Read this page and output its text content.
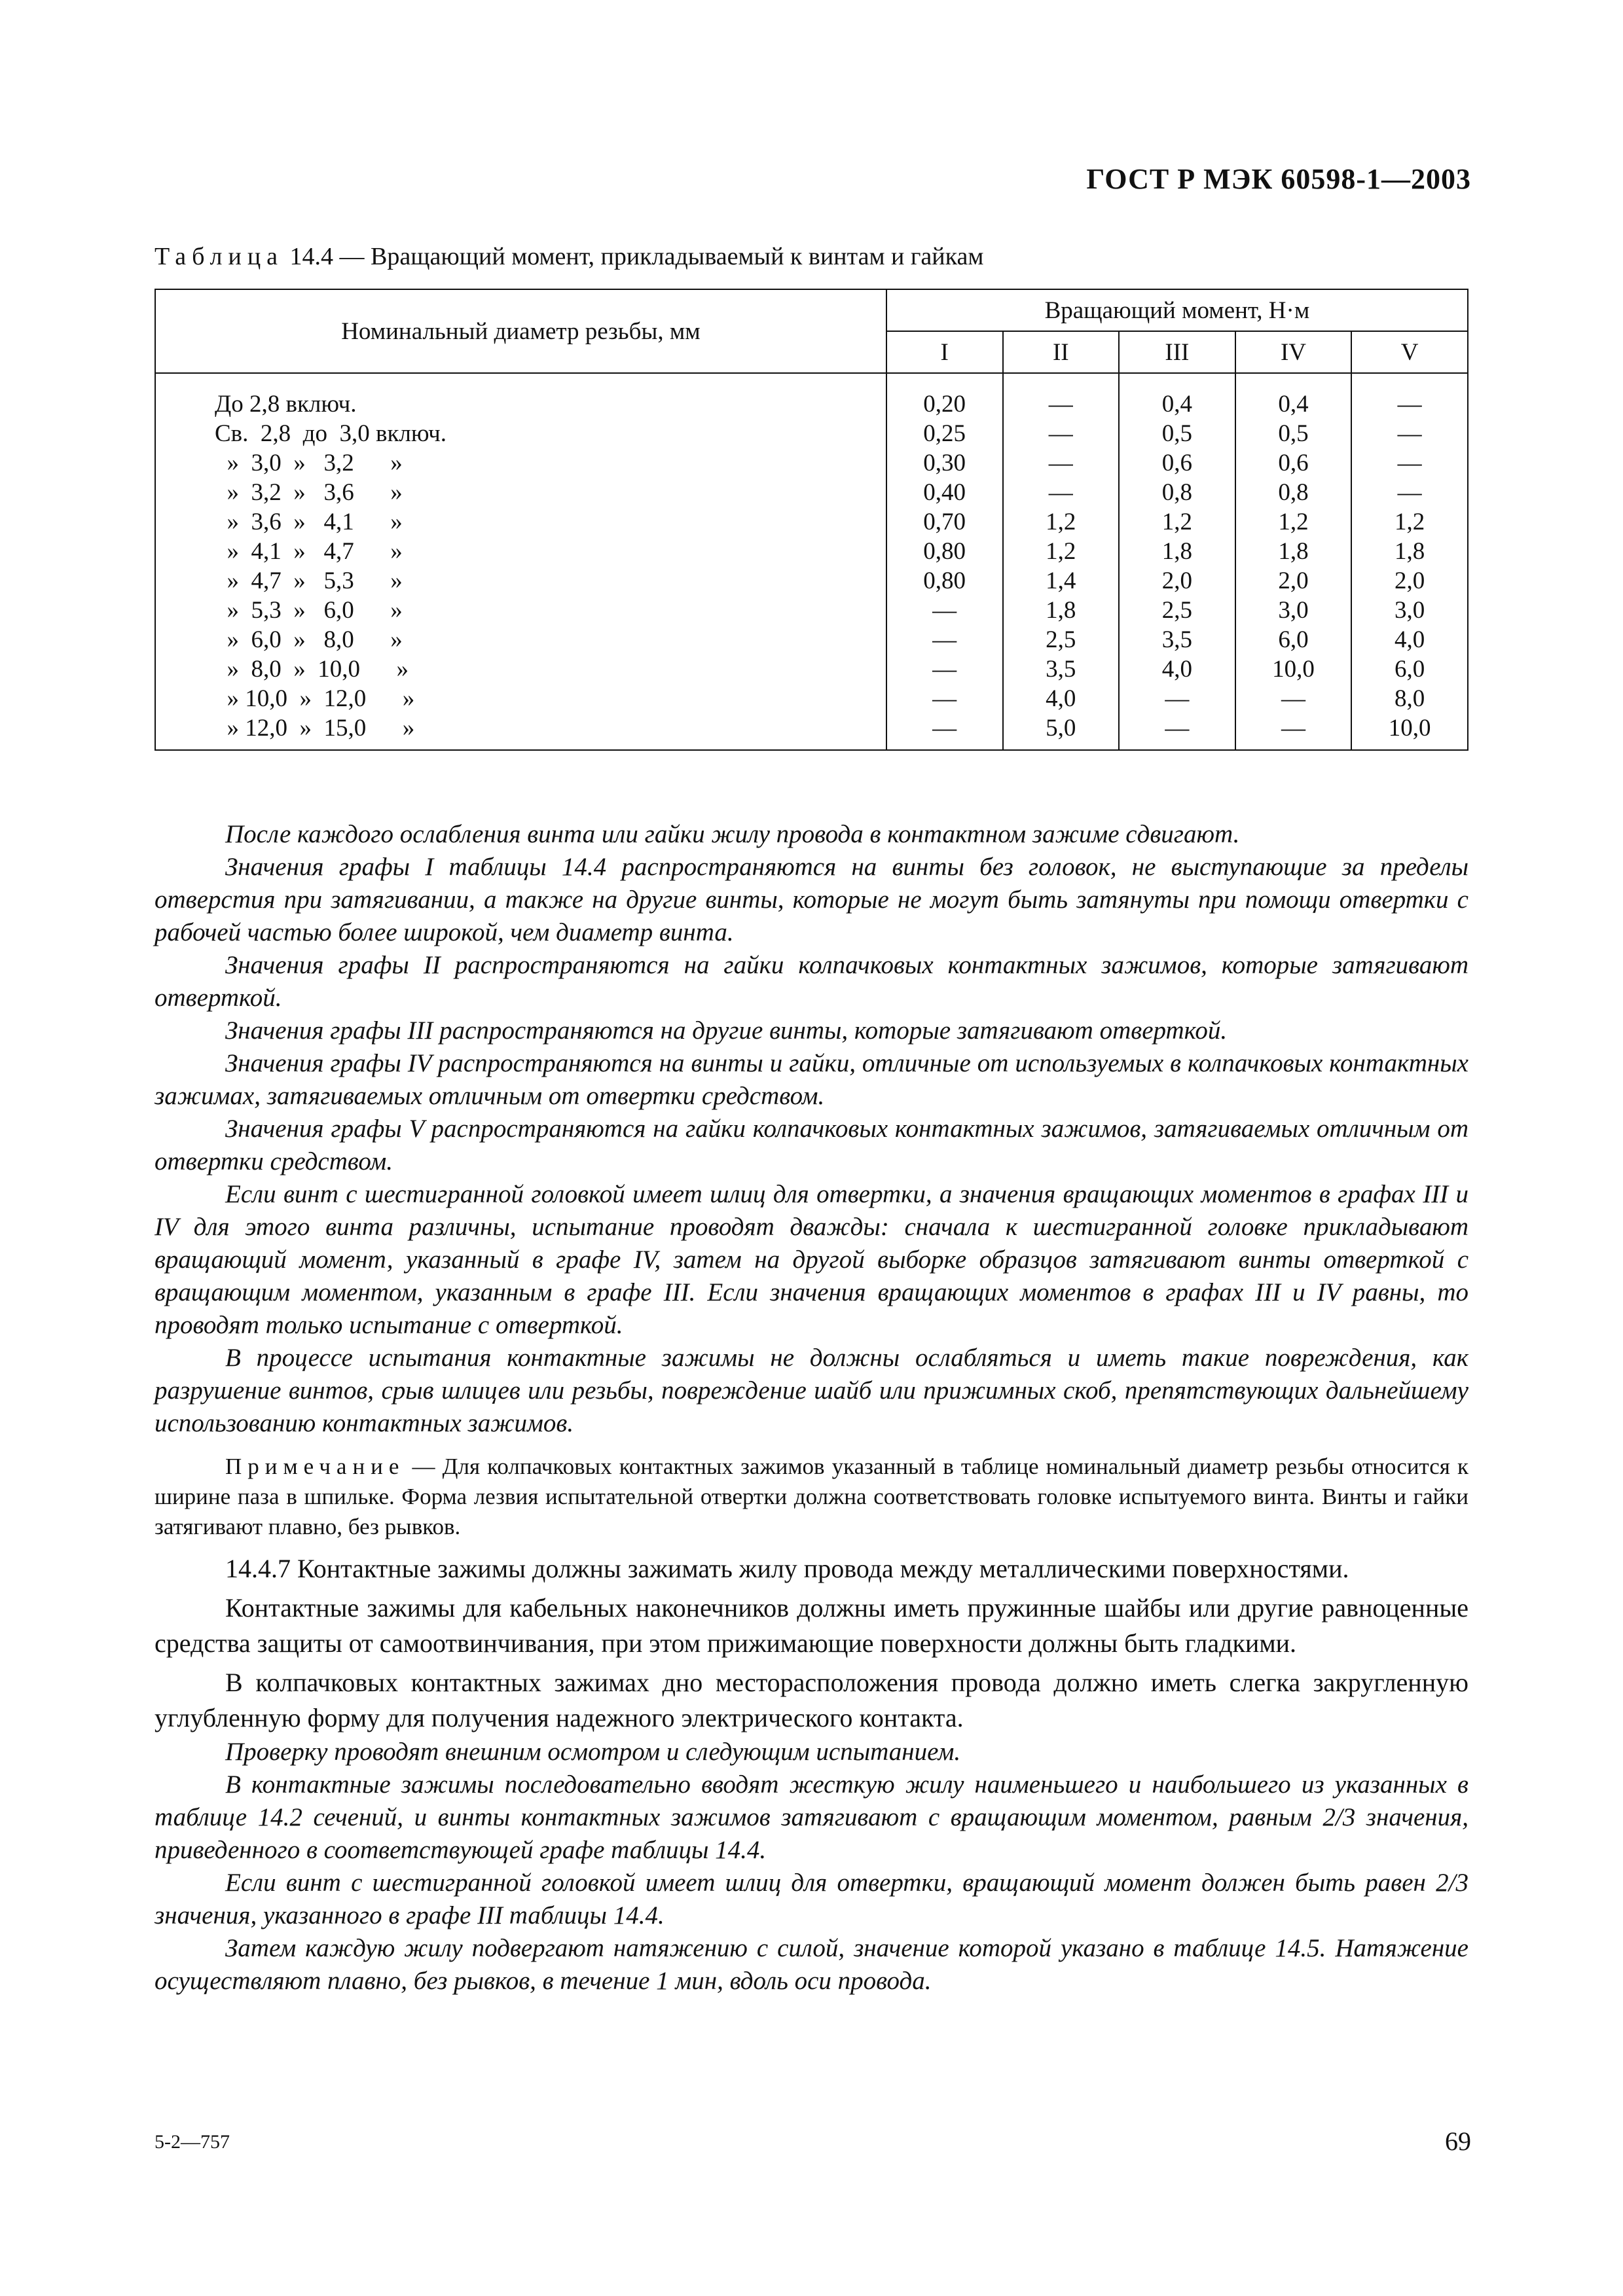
ГОСТ Р МЭК 60598-1—2003
Таблица 14.4 — Вращающий момент, прикладываемый к винтам и гайкам
Номинальный диаметр резьбы, мм	Вращающий момент, Н·м				
	I	II	III	IV	V
До 2,8 включ.	0,20	—	0,4	0,4	—
Св.  2,8  до  3,0 включ.	0,25	—	0,5	0,5	—
»  3,0  »   3,2      »	0,30	—	0,6	0,6	—
»  3,2  »   3,6      »	0,40	—	0,8	0,8	—
»  3,6  »   4,1      »	0,70	1,2	1,2	1,2	1,2
»  4,1  »   4,7      »	0,80	1,2	1,8	1,8	1,8
»  4,7  »   5,3      »	0,80	1,4	2,0	2,0	2,0
»  5,3  »   6,0      »	—	1,8	2,5	3,0	3,0
»  6,0  »   8,0      »	—	2,5	3,5	6,0	4,0
»  8,0  »  10,0      »	—	3,5	4,0	10,0	6,0
» 10,0  »  12,0      »	—	4,0	—	—	8,0
» 12,0  »  15,0      »	—	5,0	—	—	10,0

После каждого ослабления винта или гайки жилу провода в контактном зажиме сдвигают.

Значения графы I таблицы 14.4 распространяются на винты без головок, не выступающие за пределы отверстия при затягивании, а также на другие винты, которые не могут быть затянуты при помощи отвертки с рабочей частью более широкой, чем диаметр винта.

Значения графы II распространяются на гайки колпачковых контактных зажимов, которые затягивают отверткой.

Значения графы III распространяются на другие винты, которые затягивают отверткой.

Значения графы IV распространяются на винты и гайки, отличные от используемых в колпачковых контактных зажимах, затягиваемых отличным от отвертки средством.

Значения графы V распространяются на гайки колпачковых контактных зажимов, затягиваемых отличным от отвертки средством.

Если винт с шестигранной головкой имеет шлиц для отвертки, а значения вращающих моментов в графах III и IV для этого винта различны, испытание проводят дважды: сначала к шестигранной головке прикладывают вращающий момент, указанный в графе IV, затем на другой выборке образцов затягивают винты отверткой с вращающим моментом, указанным в графе III. Если значения вращающих моментов в графах III и IV равны, то проводят только испытание с отверткой.

В процессе испытания контактные зажимы не должны ослабляться и иметь такие повреждения, как разрушение винтов, срыв шлицев или резьбы, повреждение шайб или прижимных скоб, препятствующих дальнейшему использованию контактных зажимов.

Примечание — Для колпачковых контактных зажимов указанный в таблице номинальный диаметр резьбы относится к ширине паза в шпильке. Форма лезвия испытательной отвертки должна соответствовать головке испытуемого винта. Винты и гайки затягивают плавно, без рывков.

14.4.7 Контактные зажимы должны зажимать жилу провода между металлическими поверхностями.

Контактные зажимы для кабельных наконечников должны иметь пружинные шайбы или другие равноценные средства защиты от самоотвинчивания, при этом прижимающие поверхности должны быть гладкими.

В колпачковых контактных зажимах дно месторасположения провода должно иметь слегка закругленную углубленную форму для получения надежного электрического контакта.

Проверку проводят внешним осмотром и следующим испытанием.

В контактные зажимы последовательно вводят жесткую жилу наименьшего и наибольшего из указанных в таблице 14.2 сечений, и винты контактных зажимов затягивают с вращающим моментом, равным 2/3 значения, приведенного в соответствующей графе таблицы 14.4.

Если винт с шестигранной головкой имеет шлиц для отвертки, вращающий момент должен быть равен 2/3 значения, указанного в графе III таблицы 14.4.

Затем каждую жилу подвергают натяжению с силой, значение которой указано в таблице 14.5. Натяжение осуществляют плавно, без рывков, в течение 1 мин, вдоль оси провода.

5-2—757	69
